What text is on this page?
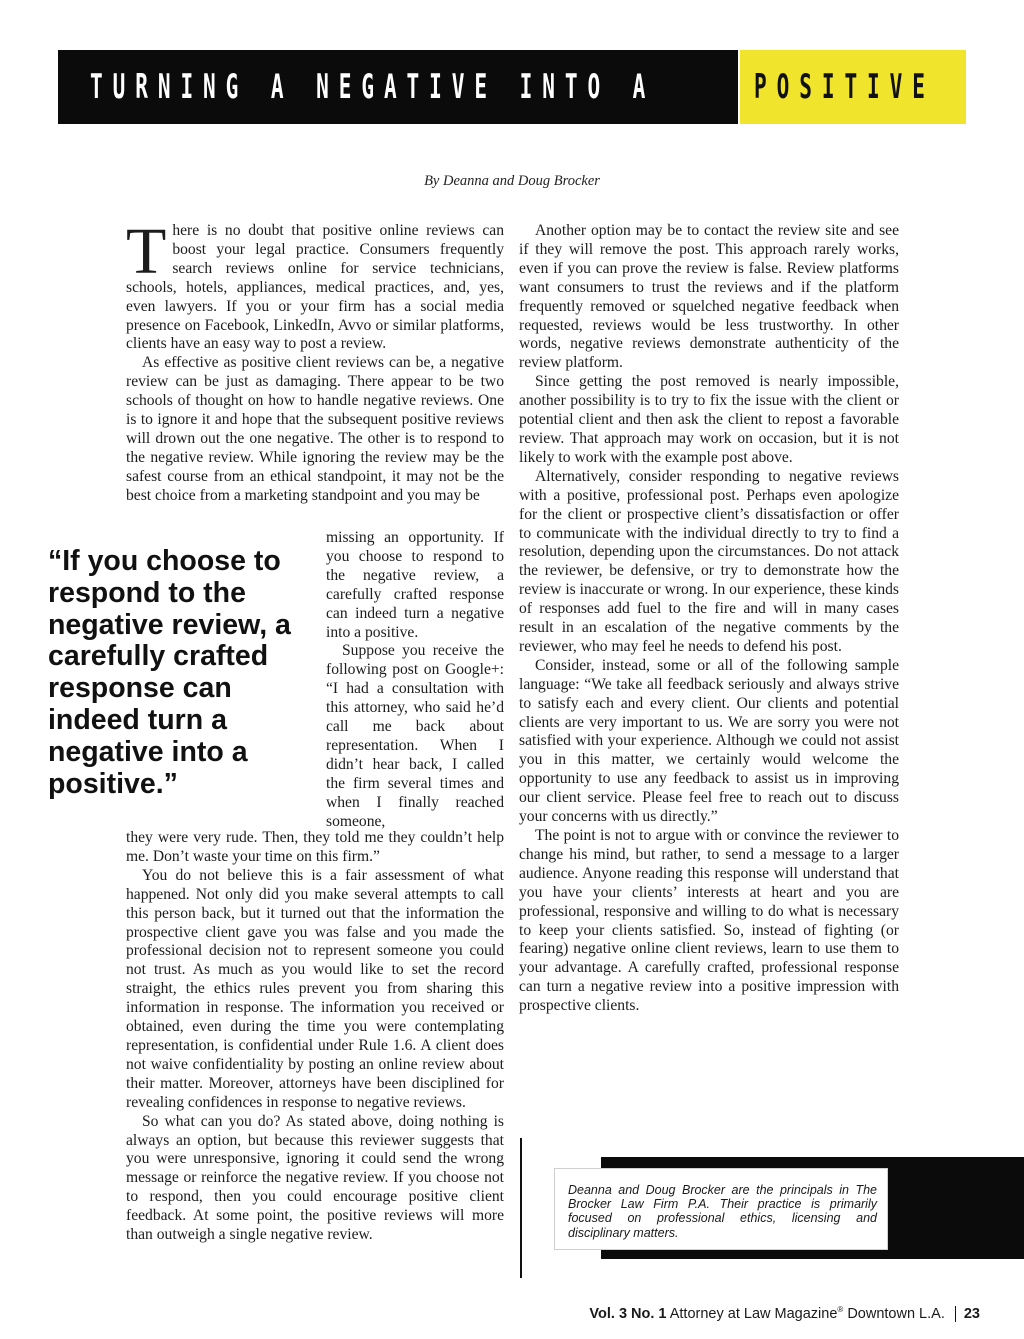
TURNING A NEGATIVE INTO A	POSITIVE
By Deanna and Doug Brocker
T here is no doubt that positive online reviews can boost your legal practice. Consumers frequently search reviews online for service technicians, schools, hotels, appliances, medical practices, and, yes, even lawyers. If you or your firm has a social media presence on Facebook, LinkedIn, Avvo or similar platforms, clients have an easy way to post a review.

As effective as positive client reviews can be, a negative review can be just as damaging. There appear to be two schools of thought on how to handle negative reviews. One is to ignore it and hope that the subsequent positive reviews will drown out the one negative. The other is to respond to the negative review. While ignoring the review may be the safest course from an ethical standpoint, it may not be the best choice from a marketing standpoint and you may be

“If you choose to respond to the negative review, a carefully crafted response can indeed turn a negative into a positive.”

missing an opportunity. If you choose to respond to the negative review, a carefully crafted response can indeed turn a negative into a positive.

Suppose you receive the following post on Google+: “I had a consultation with this attorney, who said he’d call me back about representation. When I didn’t hear back, I called the firm several times and when I finally reached someone,

they were very rude. Then, they told me they couldn’t help me. Don’t waste your time on this firm.”

You do not believe this is a fair assessment of what happened. Not only did you make several attempts to call this person back, but it turned out that the information the prospective client gave you was false and you made the professional decision not to represent someone you could not trust. As much as you would like to set the record straight, the ethics rules prevent you from sharing this information in response. The information you received or obtained, even during the time you were contemplating representation, is confidential under Rule 1.6. A client does not waive confidentiality by posting an online review about their matter. Moreover, attorneys have been disciplined for revealing confidences in response to negative reviews.

So what can you do? As stated above, doing nothing is always an option, but because this reviewer suggests that you were unresponsive, ignoring it could send the wrong message or reinforce the negative review. If you choose not to respond, then you could encourage positive client feedback. At some point, the positive reviews will more than outweigh a single negative review.

Another option may be to contact the review site and see if they will remove the post. This approach rarely works, even if you can prove the review is false. Review platforms want consumers to trust the reviews and if the platform frequently removed or squelched negative feedback when requested, reviews would be less trustworthy. In other words, negative reviews demonstrate authenticity of the review platform.

Since getting the post removed is nearly impossible, another possibility is to try to fix the issue with the client or potential client and then ask the client to repost a favorable review. That approach may work on occasion, but it is not likely to work with the example post above.

Alternatively, consider responding to negative reviews with a positive, professional post. Perhaps even apologize for the client or prospective client’s dissatisfaction or offer to communicate with the individual directly to try to find a resolution, depending upon the circumstances. Do not attack the reviewer, be defensive, or try to demonstrate how the review is inaccurate or wrong. In our experience, these kinds of responses add fuel to the fire and will in many cases result in an escalation of the negative comments by the reviewer, who may feel he needs to defend his post.

Consider, instead, some or all of the following sample language: “We take all feedback seriously and always strive to satisfy each and every client. Our clients and potential clients are very important to us. We are sorry you were not satisfied with your experience. Although we could not assist you in this matter, we certainly would welcome the opportunity to use any feedback to assist us in improving our client service. Please feel free to reach out to discuss your concerns with us directly.”

The point is not to argue with or convince the reviewer to change his mind, but rather, to send a message to a larger audience. Anyone reading this response will understand that you have your clients’ interests at heart and you are professional, responsive and willing to do what is necessary to keep your clients satisfied. So, instead of fighting (or fearing) negative online client reviews, learn to use them to your advantage. A carefully crafted, professional response can turn a negative review into a positive impression with prospective clients.

Deanna and Doug Brocker are the principals in The Brocker Law Firm P.A. Their practice is primarily focused on professional ethics, licensing and disciplinary matters.
Vol. 3 No. 1 Attorney at Law Magazine® Downtown L.A. 23
